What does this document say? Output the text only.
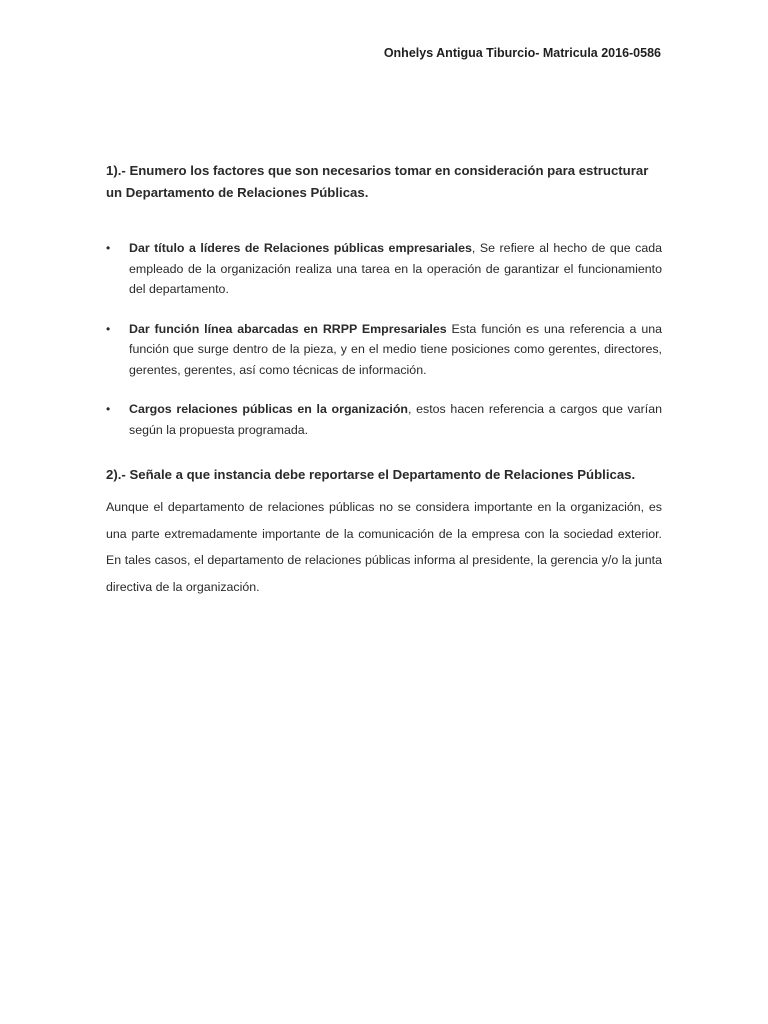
Onhelys Antigua Tiburcio- Matricula 2016-0586

1).- Enumero los factores que son necesarios tomar en consideración para estructurar un Departamento de Relaciones Públicas.

• Dar título a líderes de Relaciones públicas empresariales, Se refiere al hecho de que cada empleado de la organización realiza una tarea en la operación de garantizar el funcionamiento del departamento.
• Dar función línea abarcadas en RRPP Empresariales Esta función es una referencia a una función que surge dentro de la pieza, y en el medio tiene posiciones como gerentes, directores, gerentes, gerentes, así como técnicas de información.
• Cargos relaciones públicas en la organización, estos hacen referencia a cargos que varían según la propuesta programada.

2).- Señale a que instancia debe reportarse el Departamento de Relaciones Públicas.

Aunque el departamento de relaciones públicas no se considera importante en la organización, es una parte extremadamente importante de la comunicación de la empresa con la sociedad exterior. En tales casos, el departamento de relaciones públicas informa al presidente, la gerencia y/o la junta directiva de la organización.
